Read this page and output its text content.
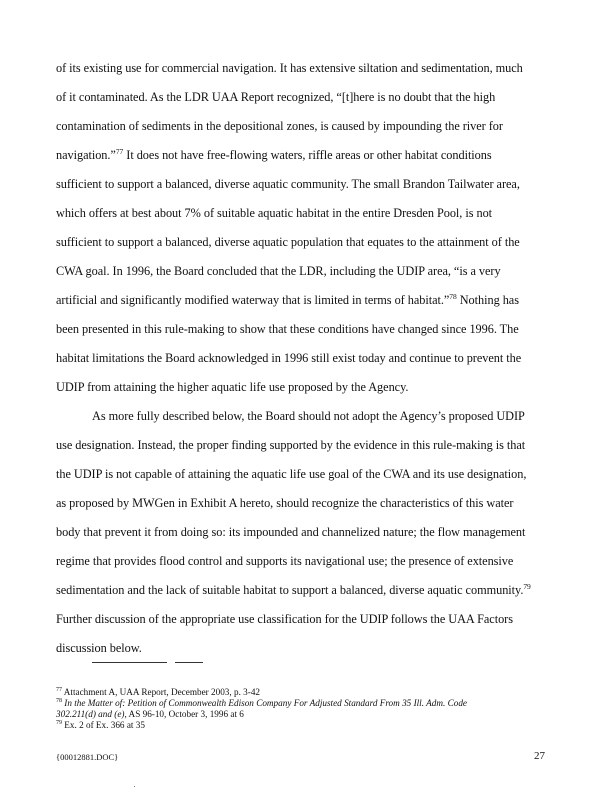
of its existing use for commercial navigation. It has extensive siltation and sedimentation, much
of it contaminated. As the LDR UAA Report recognized, “[t]here is no doubt that the high
contamination of sediments in the depositional zones, is caused by impounding the river for
navigation.”$^{77}$ It does not have free-flowing waters, riffle areas or other habitat conditions
sufficient to support a balanced, diverse aquatic community. The small Brandon Tailwater area,
which offers at best about 7% of suitable aquatic habitat in the entire Dresden Pool, is not
sufficient to support a balanced, diverse aquatic population that equates to the attainment of the
CWA goal. In 1996, the Board concluded that the LDR, including the UDIP area, “is a very
artificial and significantly modified waterway that is limited in terms of habitat.”$^{78}$ Nothing has
been presented in this rule-making to show that these conditions have changed since 1996. The
habitat limitations the Board acknowledged in 1996 still exist today and continue to prevent the
UDIP from attaining the higher aquatic life use proposed by the Agency.
As more fully described below, the Board should not adopt the Agency’s proposed UDIP
use designation. Instead, the proper finding supported by the evidence in this rule-making is that
the UDIP is not capable of attaining the aquatic life use goal of the CWA and its use designation,
as proposed by MWGen in Exhibit A hereto, should recognize the characteristics of this water
body that prevent it from doing so: its impounded and channelized nature; the flow management
regime that provides flood control and supports its navigational use; the presence of extensive
sedimentation and the lack of suitable habitat to support a balanced, diverse aquatic community.$^{79}$
Further discussion of the appropriate use classification for the UDIP follows the UAA Factors
discussion below.
$^{77}$ Attachment A, UAA Report, December 2003, p. 3-42
$^{78}$ In the Matter of: Petition of Commonwealth Edison Company For Adjusted Standard From 35 Ill. Adm. Code
302.211(d) and (e), AS 96-10, October 3, 1996 at 6
$^{79}$ Ex. 2 of Ex. 366 at 35
{00012881.DOC}	27
